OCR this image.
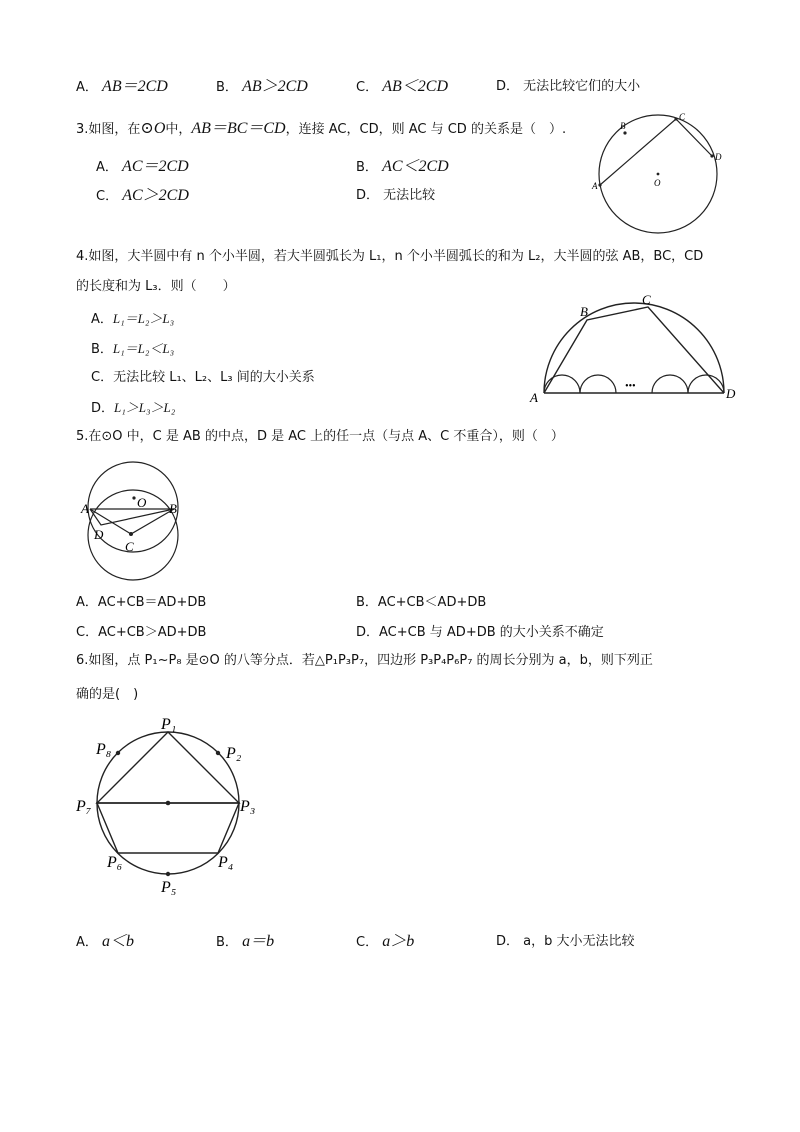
A． AB＝2CD	B． AB＞2CD	C． AB＜2CD	D． 无法比较它们的大小
3.如图，在⊙O中，AB＝BC＝CD，连接 AC，CD，则 AC 与 CD 的关系是（　）.
A． AC＝2CD	B． AC＜2CD
C． AC＞2CD	D． 无法比较
B
C
D
A	O
4.如图，大半圆中有 n 个小半圆，若大半圆弧长为 L₁，n 个小半圆弧长的和为 L₂，大半圆的弦 AB，BC，CD
的长度和为 L₃．则（　　）
A．L₁＝L₂＞L₃
B．L₁＝L₂＜L₃
C．无法比较 L₁、L₂、L₃ 间的大小关系
D．L₁＞L₃＞L₂
•••
A
B
C
D
5.在⊙O 中，C 是 AB 的中点，D 是 AC 上的任一点（与点 A、C 不重合），则（　）
A	B
O
D
C
A．AC+CB＝AD+DB	B．AC+CB＜AD+DB
C．AC+CB＞AD+DB	D．AC+CB 与 AD+DB 的大小关系不确定
6.如图，点 P₁~P₈ 是⊙O 的八等分点．若△P₁P₃P₇，四边形 P₃P₄P₆P₇ 的周长分别为 a，b，则下列正
确的是(　)
P₁
P₂
P₃
P₄
P₅
P₆
P₇
P₈
A． a＜b	B． a＝b	C． a＞b	D． a，b 大小无法比较
